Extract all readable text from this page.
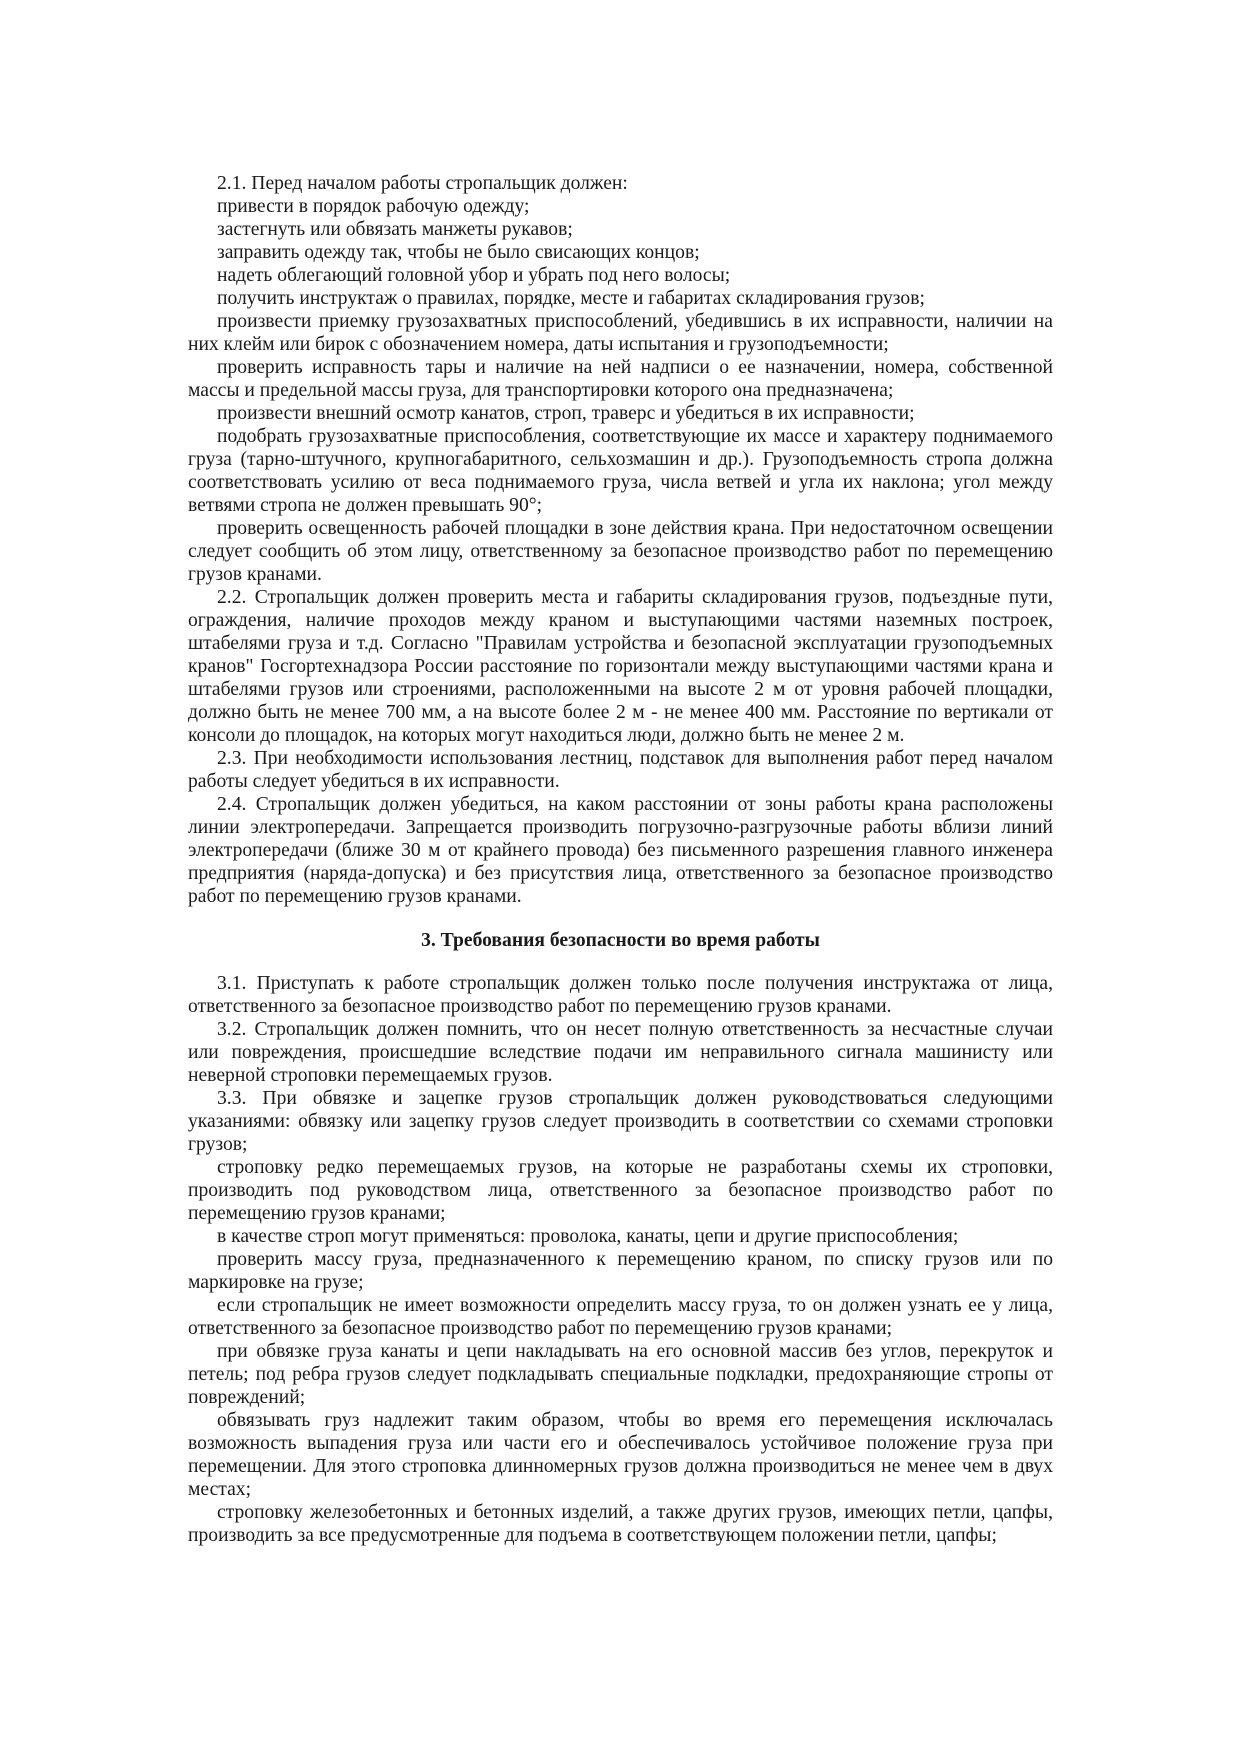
2.1. Перед началом работы стропальщик должен:

привести в порядок рабочую одежду;

застегнуть или обвязать манжеты рукавов;

заправить одежду так, чтобы не было свисающих концов;

надеть облегающий головной убор и убрать под него волосы;

получить инструктаж о правилах, порядке, месте и габаритах складирования грузов;

произвести приемку грузозахватных приспособлений, убедившись в их исправности, наличии на них клейм или бирок с обозначением номера, даты испытания и грузоподъемности;

проверить исправность тары и наличие на ней надписи о ее назначении, номера, собственной массы и предельной массы груза, для транспортировки которого она предназначена;

произвести внешний осмотр канатов, строп, траверс и убедиться в их исправности;

подобрать грузозахватные приспособления, соответствующие их массе и характеру поднимаемого груза (тарно-штучного, крупногабаритного, сельхозмашин и др.). Грузоподъемность стропа должна соответствовать усилию от веса поднимаемого груза, числа ветвей и угла их наклона; угол между ветвями стропа не должен превышать 90°;

проверить освещенность рабочей площадки в зоне действия крана. При недостаточном освещении следует сообщить об этом лицу, ответственному за безопасное производство работ по перемещению грузов кранами.

2.2. Стропальщик должен проверить места и габариты складирования грузов, подъездные пути, ограждения, наличие проходов между краном и выступающими частями наземных построек, штабелями груза и т.д. Согласно "Правилам устройства и безопасной эксплуатации грузоподъемных кранов" Госгортехнадзора России расстояние по горизонтали между выступающими частями крана и штабелями грузов или строениями, расположенными на высоте 2 м от уровня рабочей площадки, должно быть не менее 700 мм, а на высоте более 2 м - не менее 400 мм. Расстояние по вертикали от консоли до площадок, на которых могут находиться люди, должно быть не менее 2 м.

2.3. При необходимости использования лестниц, подставок для выполнения работ перед началом работы следует убедиться в их исправности.

2.4. Стропальщик должен убедиться, на каком расстоянии от зоны работы крана расположены линии электропередачи. Запрещается производить погрузочно-разгрузочные работы вблизи линий электропередачи (ближе 30 м от крайнего провода) без письменного разрешения главного инженера предприятия (наряда-допуска) и без присутствия лица, ответственного за безопасное производство работ по перемещению грузов кранами.

3. Требования безопасности во время работы

3.1. Приступать к работе стропальщик должен только после получения инструктажа от лица, ответственного за безопасное производство работ по перемещению грузов кранами.

3.2. Стропальщик должен помнить, что он несет полную ответственность за несчастные случаи или повреждения, происшедшие вследствие подачи им неправильного сигнала машинисту или неверной строповки перемещаемых грузов.

3.3. При обвязке и зацепке грузов стропальщик должен руководствоваться следующими указаниями: обвязку или зацепку грузов следует производить в соответствии со схемами строповки грузов;

строповку редко перемещаемых грузов, на которые не разработаны схемы их строповки, производить под руководством лица, ответственного за безопасное производство работ по перемещению грузов кранами;

в качестве строп могут применяться: проволока, канаты, цепи и другие приспособления;

проверить массу груза, предназначенного к перемещению краном, по списку грузов или по маркировке на грузе;

если стропальщик не имеет возможности определить массу груза, то он должен узнать ее у лица, ответственного за безопасное производство работ по перемещению грузов кранами;

при обвязке груза канаты и цепи накладывать на его основной массив без углов, перекруток и петель; под ребра грузов следует подкладывать специальные подкладки, предохраняющие стропы от повреждений;

обвязывать груз надлежит таким образом, чтобы во время его перемещения исключалась возможность выпадения груза или части его и обеспечивалось устойчивое положение груза при перемещении. Для этого строповка длинномерных грузов должна производиться не менее чем в двух местах;

строповку железобетонных и бетонных изделий, а также других грузов, имеющих петли, цапфы, производить за все предусмотренные для подъема в соответствующем положении петли, цапфы;
